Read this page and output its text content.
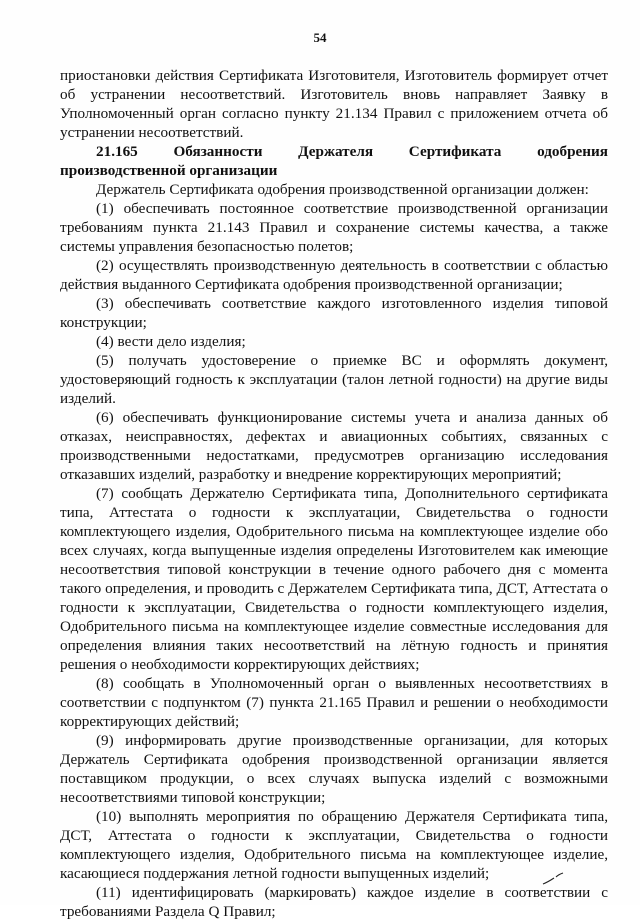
54

приостановки действия Сертификата Изготовителя, Изготовитель формирует отчет об устранении несоответствий. Изготовитель вновь направляет Заявку в Уполномоченный орган согласно пункту 21.134 Правил с приложением отчета об устранении несоответствий.

21.165 Обязанности Держателя Сертификата одобрения производственной организации

Держатель Сертификата одобрения производственной организации должен:

(1) обеспечивать постоянное соответствие производственной организации требованиям пункта 21.143 Правил и сохранение системы качества, а также системы управления безопасностью полетов;

(2) осуществлять производственную деятельность в соответствии с областью действия выданного Сертификата одобрения производственной организации;

(3) обеспечивать соответствие каждого изготовленного изделия типовой конструкции;

(4) вести дело изделия;

(5) получать удостоверение о приемке ВС и оформлять документ, удостоверяющий годность к эксплуатации (талон летной годности) на другие виды изделий.

(6) обеспечивать функционирование системы учета и анализа данных об отказах, неисправностях, дефектах и авиационных событиях, связанных с производственными недостатками, предусмотрев организацию исследования отказавших изделий, разработку и внедрение корректирующих мероприятий;

(7) сообщать Держателю Сертификата типа, Дополнительного сертификата типа, Аттестата о годности к эксплуатации, Свидетельства о годности комплектующего изделия, Одобрительного письма на комплектующее изделие обо всех случаях, когда выпущенные изделия определены Изготовителем как имеющие несоответствия типовой конструкции в течение одного рабочего дня с момента такого определения, и проводить с Держателем Сертификата типа, ДСТ, Аттестата о годности к эксплуатации, Свидетельства о годности комплектующего изделия, Одобрительного письма на комплектующее изделие совместные исследования для определения влияния таких несоответствий на лётную годность и принятия решения о необходимости корректирующих действиях;

(8) сообщать в Уполномоченный орган о выявленных несоответствиях в соответствии с подпунктом (7) пункта 21.165 Правил и решении о необходимости корректирующих действий;

(9) информировать другие производственные организации, для которых Держатель Сертификата одобрения производственной организации является поставщиком продукции, о всех случаях выпуска изделий с возможными несоответствиями типовой конструкции;

(10) выполнять мероприятия по обращению Держателя Сертификата типа, ДСТ, Аттестата о годности к эксплуатации, Свидетельства о годности комплектующего изделия, Одобрительного письма на комплектующее изделие, касающиеся поддержания летной годности выпущенных изделий;

(11) идентифицировать (маркировать) каждое изделие в соответствии с требованиями Раздела Q Правил;
